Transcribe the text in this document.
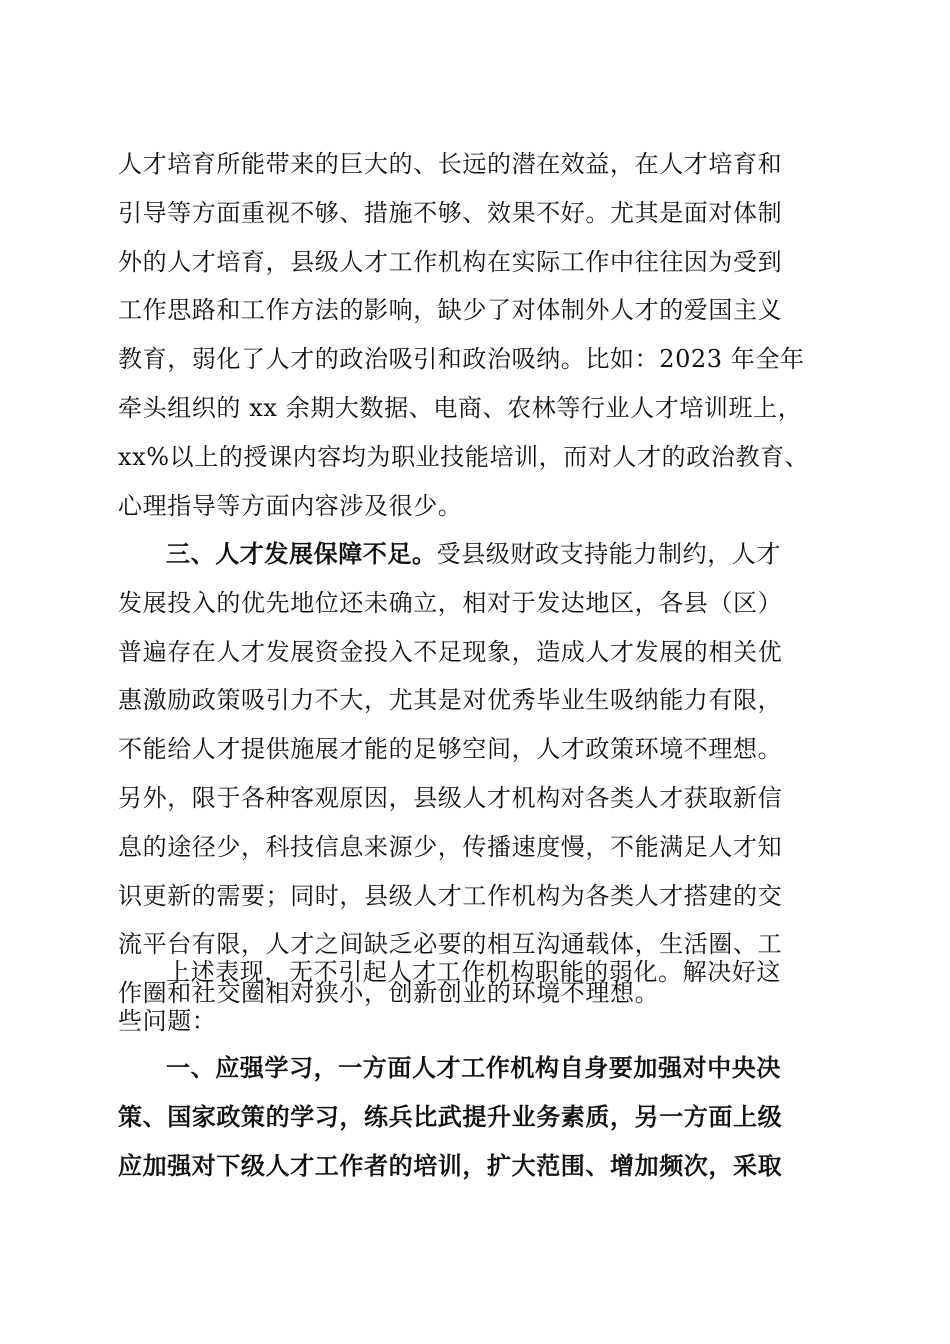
人才培育所能带来的巨大的、长远的潜在效益，在人才培育和
引导等方面重视不够、措施不够、效果不好。尤其是面对体制
外的人才培育，县级人才工作机构在实际工作中往往因为受到
工作思路和工作方法的影响，缺少了对体制外人才的爱国主义
教育，弱化了人才的政治吸引和政治吸纳。比如：2023 年全年
牵头组织的 xx 余期大数据、电商、农林等行业人才培训班上，
xx%以上的授课内容均为职业技能培训，而对人才的政治教育、
心理指导等方面内容涉及很少。
三、人才发展保障不足。受县级财政支持能力制约，人才
发展投入的优先地位还未确立，相对于发达地区，各县（区）
普遍存在人才发展资金投入不足现象，造成人才发展的相关优
惠激励政策吸引力不大，尤其是对优秀毕业生吸纳能力有限，
不能给人才提供施展才能的足够空间，人才政策环境不理想。
另外，限于各种客观原因，县级人才机构对各类人才获取新信
息的途径少，科技信息来源少，传播速度慢，不能满足人才知
识更新的需要；同时，县级人才工作机构为各类人才搭建的交
流平台有限，人才之间缺乏必要的相互沟通载体，生活圈、工
作圈和社交圈相对狭小，创新创业的环境不理想。
上述表现，无不引起人才工作机构职能的弱化。解决好这
些问题：
一、应强学习，一方面人才工作机构自身要加强对中央决
策、国家政策的学习，练兵比武提升业务素质，另一方面上级
应加强对下级人才工作者的培训，扩大范围、增加频次，采取
